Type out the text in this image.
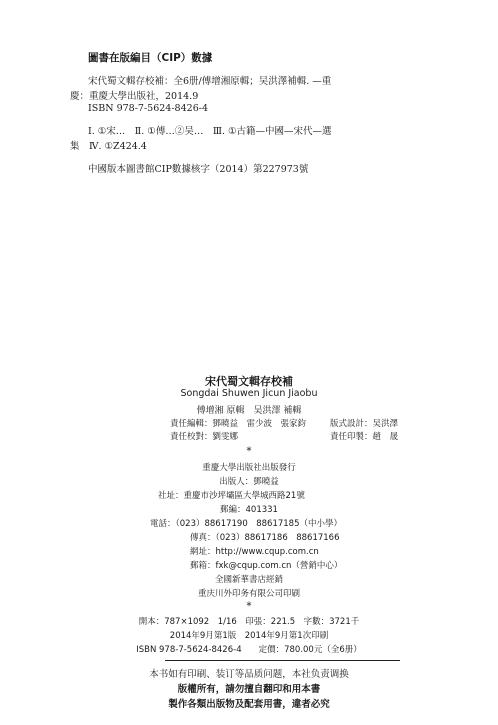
圖書在版編目（CIP）數據
宋代蜀文輯存校補：全6册/傅增湘原輯；吴洪澤補輯. —重
慶：重慶大學出版社，2014.9
ISBN 978-7-5624-8426-4
Ⅰ. ①宋…　Ⅱ. ①傅…②吴…　Ⅲ. ①古籍—中國—宋代—選
集　Ⅳ. ①Z424.4
中國版本圖書館CIP數據核字（2014）第227973號
宋代蜀文輯存校補
Songdai Shuwen Jicun Jiaobu
傅增湘 原輯　吴洪澤 補輯
責任編輯：鄧曉益　雷少波　張家鈞	版式設計：吴洪澤
責任校對：劉雯娜	責任印製：趙　晟
*
重慶大學出版社出版發行
出版人：鄧曉益
社址：重慶市沙坪壩區大學城西路21號
郵編：401331
電話：（023）88617190　88617185（中小學）
傳真：（023）88617186　88617166
網址：http://www.cqup.com.cn
郵箱：fxk@cqup.com.cn（營銷中心）
全國新華書店經銷
重庆川外印务有限公司印刷
*
開本：787×1092　1/16　印張：221.5　字數：3721千
2014年9月第1版　2014年9月第1次印刷
ISBN 978-7-5624-8426-4　　定價：780.00元（全6册）
本书如有印刷、装订等品质问题，本社负责调换
版權所有，請勿擅自翻印和用本書
製作各類出版物及配套用書，違者必究
